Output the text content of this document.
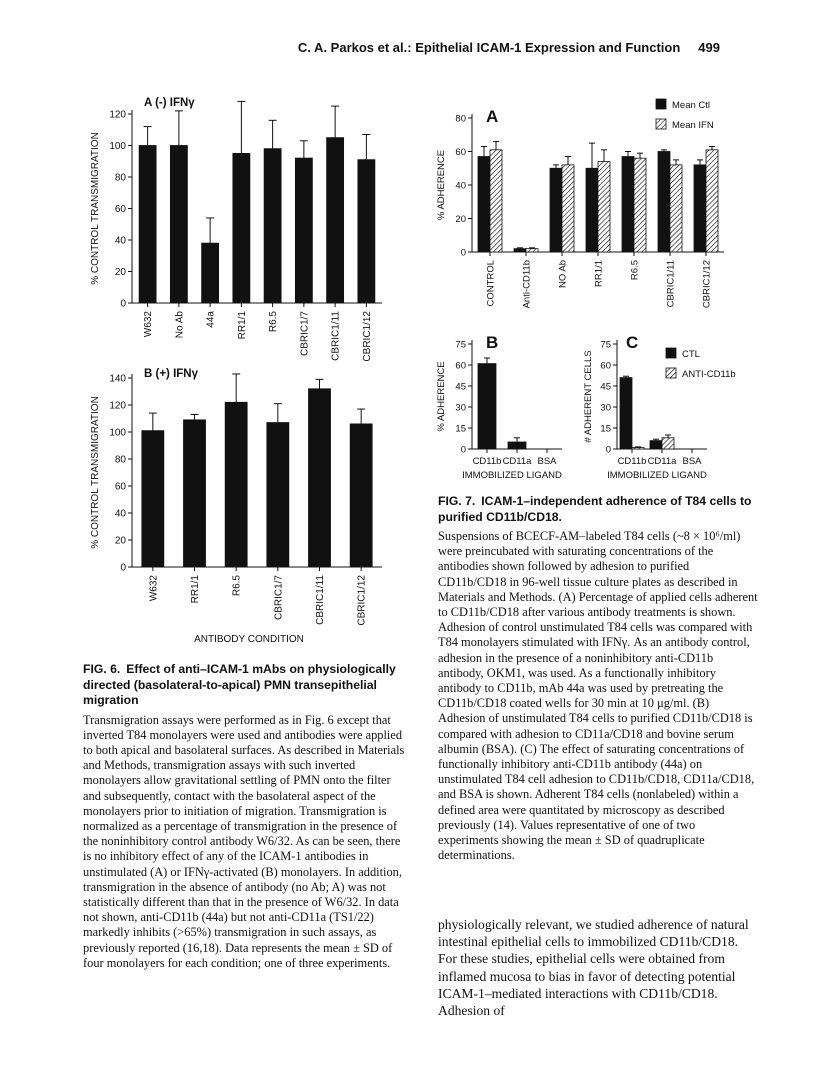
C. A. Parkos et al.: Epithelial ICAM-1 Expression and Function 499
0
20
40
60
80
100
120
W632 No Ab 44a RR1/1 R6.5 CBRIC1/7 CBRIC1/11 CBRIC1/12
% CONTROL TRANSMIGRATION
A (-) IFNγ
0
20
40
60
80
100
120
140
W632	RR1/1	R6.5	CBRIC1/7	CBRIC1/11	CBRIC1/12
% CONTROL TRANSMIGRATION
B (+) IFNγ
ANTIBODY CONDITION
0
20
40
60
80
CONTROL	Anti-CD11b	NO Ab	RR1/1	R6.5	CBRIC1/11	CBRIC1/12
% ADHERENCE
A
Mean Ctl
Mean IFN
0
15
30
45
60
75
CD11b CD11a BSA
% ADHERENCE
B
IMMOBILIZED LIGAND
0
15
30
45
60
75
CD11b CD11a BSA
# ADHERENT CELLS
C
IMMOBILIZED LIGAND
CTL
ANTI-CD11b
FIG. 6. Effect of anti–ICAM-1 mAbs on physiologically directed (basolateral-to-apical) PMN transepithelial migration

Transmigration assays were performed as in Fig. 6 except that inverted T84 monolayers were used and antibodies were applied to both apical and basolateral surfaces. As described in Materials and Methods, transmigration assays with such inverted monolayers allow gravitational settling of PMN onto the filter and subsequently, contact with the basolateral aspect of the monolayers prior to initiation of migration. Transmigration is normalized as a percentage of transmigration in the presence of the noninhibitory control antibody W6/32. As can be seen, there is no inhibitory effect of any of the ICAM-1 antibodies in unstimulated (A) or IFNγ-activated (B) monolayers. In addition, transmigration in the absence of antibody (no Ab; A) was not statistically different than that in the presence of W6/32. In data not shown, anti-CD11b (44a) but not anti-CD11a (TS1/22) markedly inhibits (>65%) transmigration in such assays, as previously reported (16,18). Data represents the mean ± SD of four monolayers for each condition; one of three experiments.

FIG. 7. ICAM-1–independent adherence of T84 cells to purified CD11b/CD18.

Suspensions of BCECF-AM–labeled T84 cells (~8 × 10⁶/ml) were preincubated with saturating concentrations of the antibodies shown followed by adhesion to purified CD11b/CD18 in 96-well tissue culture plates as described in Materials and Methods. (A) Percentage of applied cells adherent to CD11b/CD18 after various antibody treatments is shown. Adhesion of control unstimulated T84 cells was compared with T84 monolayers stimulated with IFNγ. As an antibody control, adhesion in the presence of a noninhibitory anti-CD11b antibody, OKM1, was used. As a functionally inhibitory antibody to CD11b, mAb 44a was used by pretreating the CD11b/CD18 coated wells for 30 min at 10 μg/ml. (B) Adhesion of unstimulated T84 cells to purified CD11b/CD18 is compared with adhesion to CD11a/CD18 and bovine serum albumin (BSA). (C) The effect of saturating concentrations of functionally inhibitory anti-CD11b antibody (44a) on unstimulated T84 cell adhesion to CD11b/CD18, CD11a/CD18, and BSA is shown. Adherent T84 cells (nonlabeled) within a defined area were quantitated by microscopy as described previously (14). Values representative of one of two experiments showing the mean ± SD of quadruplicate determinations.

physiologically relevant, we studied adherence of natural intestinal epithelial cells to immobilized CD11b/CD18. For these studies, epithelial cells were obtained from inflamed mucosa to bias in favor of detecting potential ICAM-1–mediated interactions with CD11b/CD18. Adhesion of
